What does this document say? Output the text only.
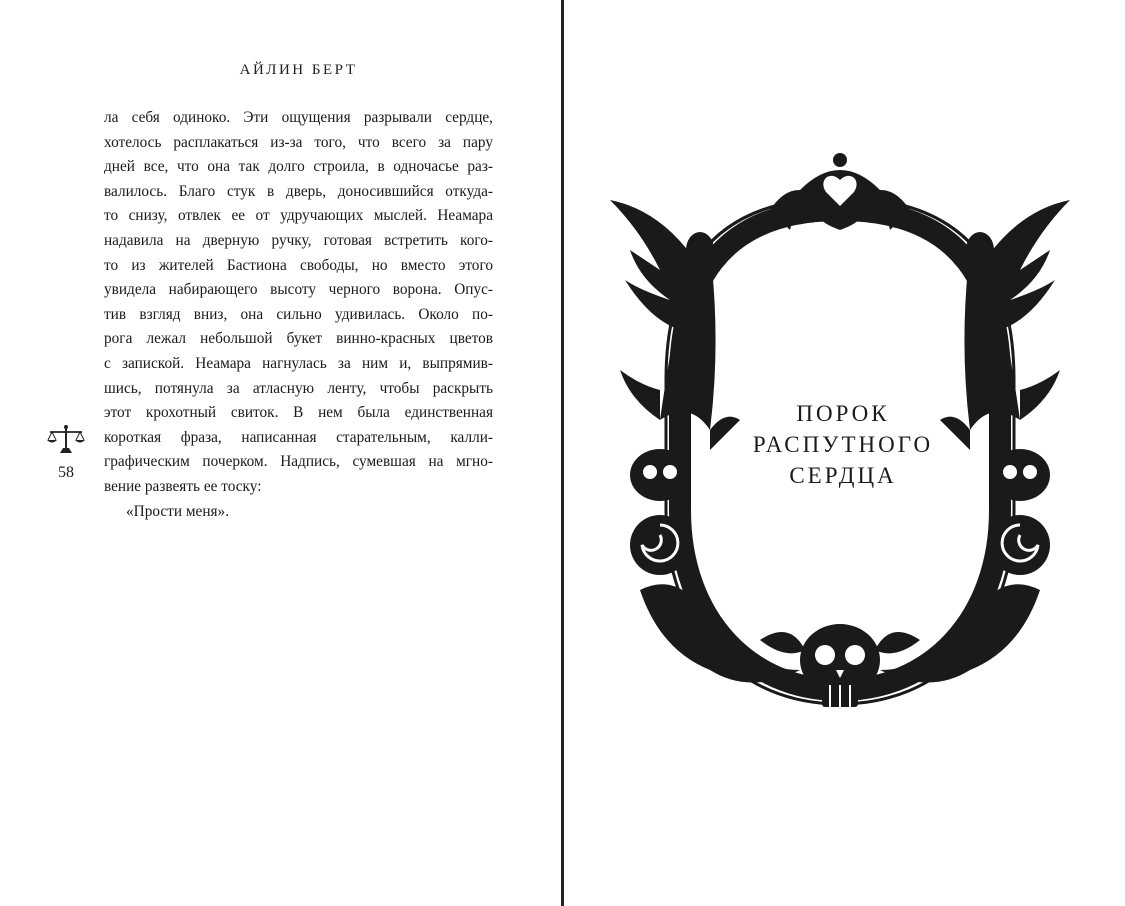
АЙЛИН БЕРТ
ла себя одиноко. Эти ощущения разрывали сердце,
хотелось расплакаться из-за того, что всего за пару
дней все, что она так долго строила, в одночасье раз-
валилось. Благо стук в дверь, доносившийся откуда-
то снизу, отвлек ее от удручающих мыслей. Неамара
надавила на дверную ручку, готовая встретить кого-
то из жителей Бастиона свободы, но вместо этого
увидела набирающего высоту черного ворона. Опус-
тив взгляд вниз, она сильно удивилась. Около по-
рога лежал небольшой букет винно-красных цветов
с запиской. Неамара нагнулась за ним и, выпрямив-
шись, потянула за атласную ленту, чтобы раскрыть
этот крохотный свиток. В нем была единственная
короткая фраза, написанная старательным, калли-
графическим почерком. Надпись, сумевшая на мгно-
вение развеять ее тоску:
«Прости меня».
58
ПОРОК
РАСПУТНОГО
СЕРДЦА
